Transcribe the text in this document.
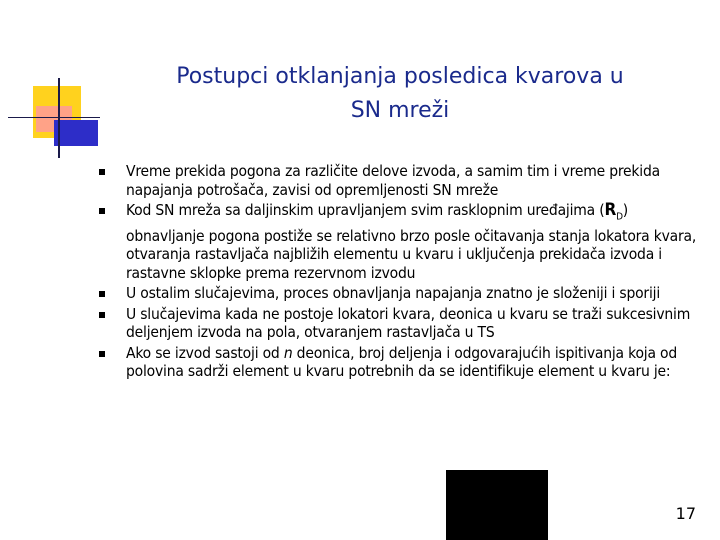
Postupci otklanjanja posledica kvarova u
SN mreži
Vreme prekida pogona za različite delove izvoda, a samim tim i vreme prekida napajanja potrošača, zavisi od opremljenosti SN mreže
Kod SN mreža sa daljinskim upravljanjem svim rasklopnim uređajima $(R_D)$ obnavljanje pogona postiže se relativno brzo posle očitavanja stanja lokatora kvara, otvaranja rastavljača najbližih elementu u kvaru i uključenja prekidača izvoda i rastavne sklopke prema rezervnom izvodu
U ostalim slučajevima, proces obnavljanja napajanja znatno je složeniji i sporiji
U slučajevima kada ne postoje lokatori kvara, deonica u kvaru se traži sukcesivnim deljenjem izvoda na pola, otvaranjem rastavljača u TS
Ako se izvod sastoji od n deonica, broj deljenja i odgovarajućih ispitivanja koja od polovina sadrži element u kvaru potrebnih da se identifikuje element u kvaru je:
17
